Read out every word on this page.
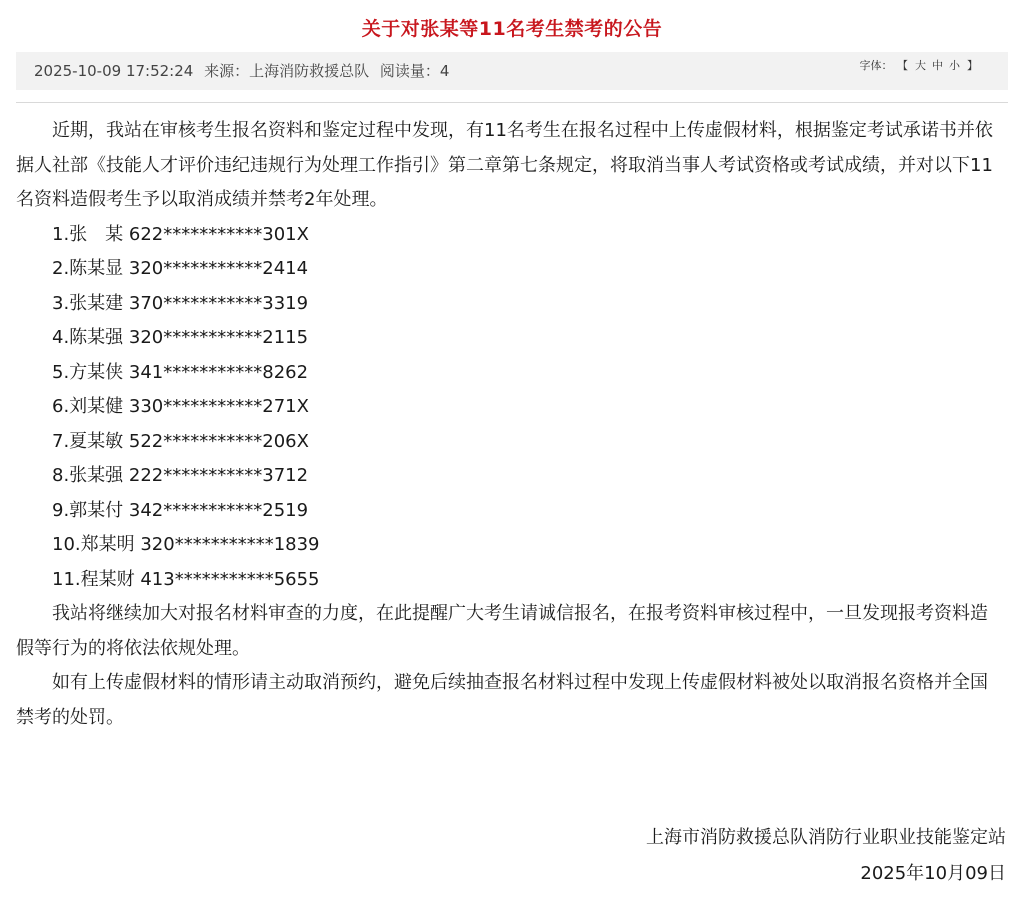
关于对张某等11名考生禁考的公告
2025-10-09 17:52:24 来源：上海消防救援总队 阅读量：4	字体： 【 大 中 小 】

近期，我站在审核考生报名资料和鉴定过程中发现，有11名考生在报名过程中上传虚假材料，根据鉴定考试承诺书并依据人社部《技能人才评价违纪违规行为处理工作指引》第二章第七条规定，将取消当事人考试资格或考试成绩，并对以下11名资料造假考生予以取消成绩并禁考2年处理。

1.张　某 622***********301X
2.陈某显 320***********2414
3.张某建 370***********3319
4.陈某强 320***********2115
5.方某侠 341***********8262
6.刘某健 330***********271X
7.夏某敏 522***********206X
8.张某强 222***********3712
9.郭某付 342***********2519
10.郑某明 320***********1839
11.程某财 413***********5655

我站将继续加大对报名材料审查的力度，在此提醒广大考生请诚信报名，在报考资料审核过程中，一旦发现报考资料造假等行为的将依法依规处理。

如有上传虚假材料的情形请主动取消预约，避免后续抽查报名材料过程中发现上传虚假材料被处以取消报名资格并全国禁考的处罚。

上海市消防救援总队消防行业职业技能鉴定站
2025年10月09日
